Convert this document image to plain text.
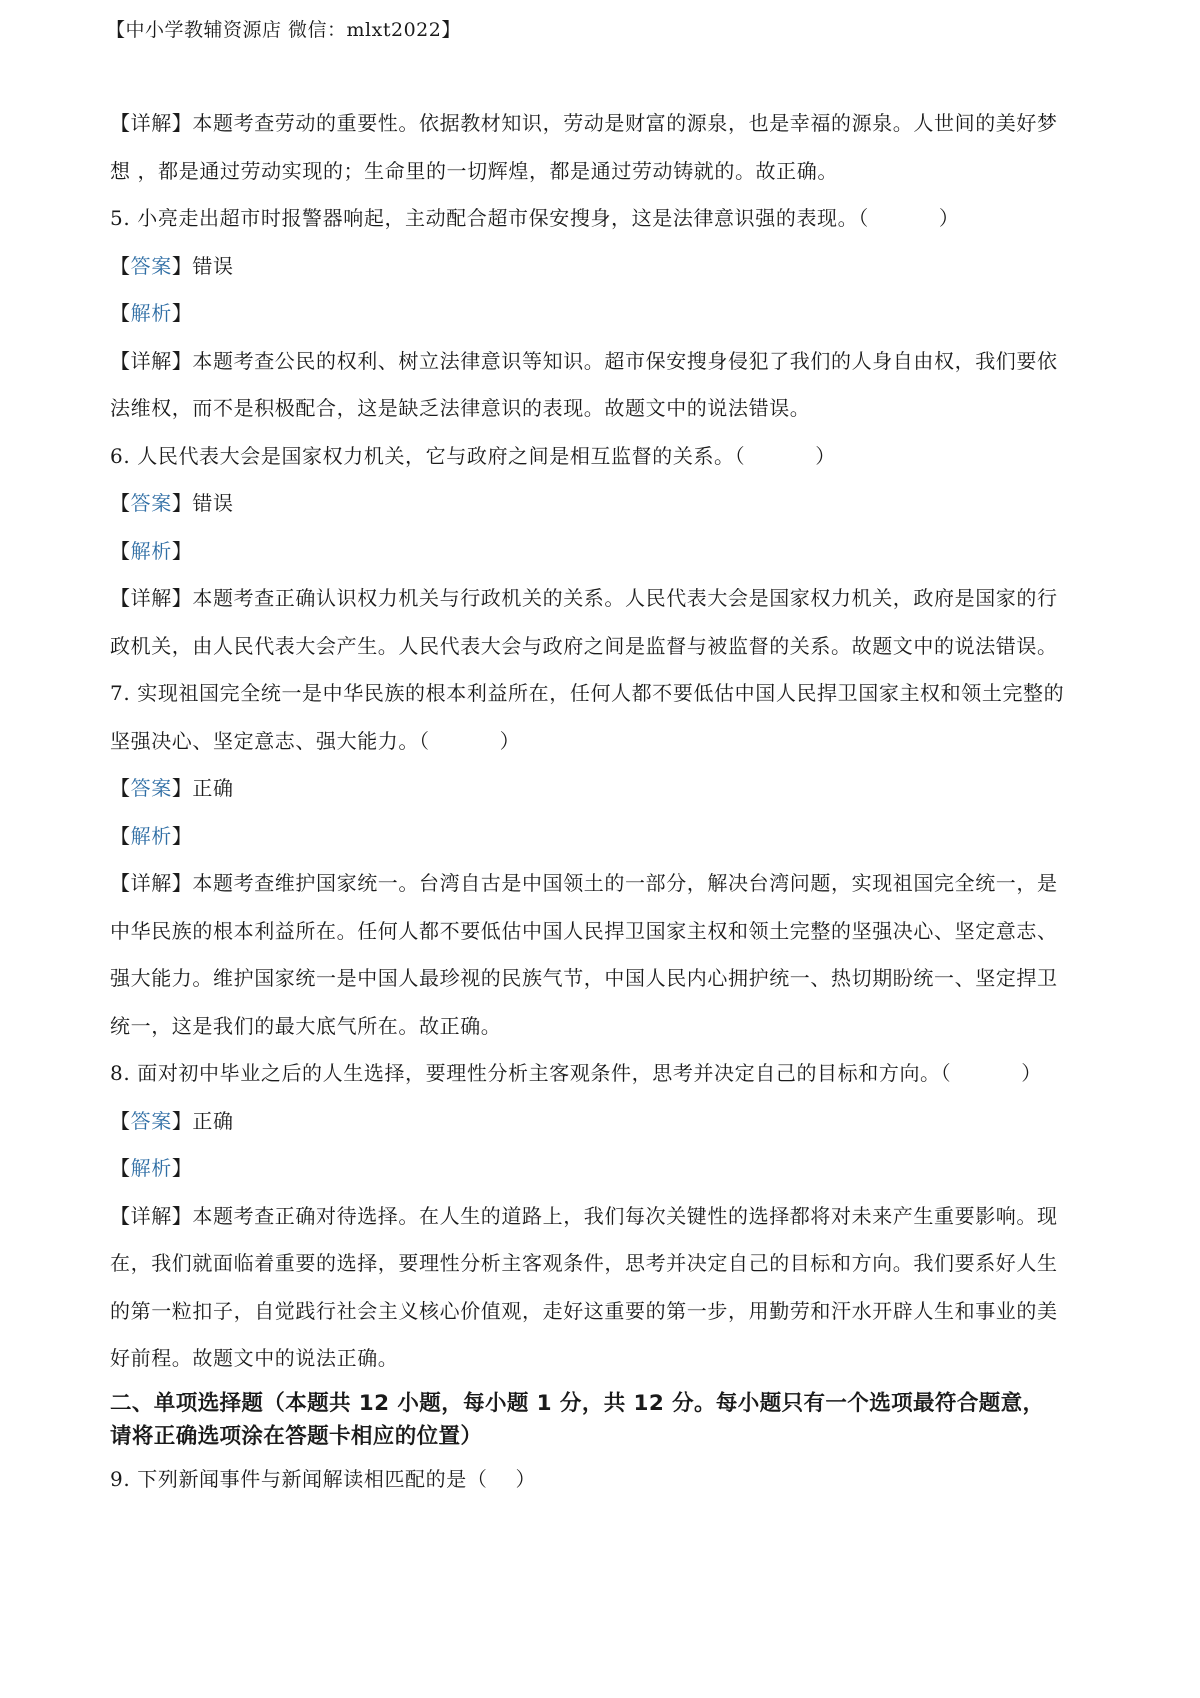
【中小学教辅资源店 微信：mlxt2022】
【详解】本题考查劳动的重要性。依据教材知识，劳动是财富的源泉，也是幸福的源泉。人世间的美好梦
想 ，都是通过劳动实现的；生命里的一切辉煌，都是通过劳动铸就的。故正确。
5. 小亮走出超市时报警器响起，主动配合超市保安搜身，这是法律意识强的表现。（	）
【答案】错误
【解析】
【详解】本题考查公民的权利、树立法律意识等知识。超市保安搜身侵犯了我们的人身自由权，我们要依
法维权，而不是积极配合，这是缺乏法律意识的表现。故题文中的说法错误。
6. 人民代表大会是国家权力机关，它与政府之间是相互监督的关系。（	）
【答案】错误
【解析】
【详解】本题考查正确认识权力机关与行政机关的关系。人民代表大会是国家权力机关，政府是国家的行
政机关，由人民代表大会产生。人民代表大会与政府之间是监督与被监督的关系。故题文中的说法错误。
7. 实现祖国完全统一是中华民族的根本利益所在，任何人都不要低估中国人民捍卫国家主权和领土完整的
坚强决心、坚定意志、强大能力。（	）
【答案】正确
【解析】
【详解】本题考查维护国家统一。台湾自古是中国领土的一部分，解决台湾问题，实现祖国完全统一，是
中华民族的根本利益所在。任何人都不要低估中国人民捍卫国家主权和领土完整的坚强决心、坚定意志、
强大能力。维护国家统一是中国人最珍视的民族气节，中国人民内心拥护统一、热切期盼统一、坚定捍卫
统一，这是我们的最大底气所在。故正确。
8. 面对初中毕业之后的人生选择，要理性分析主客观条件，思考并决定自己的目标和方向。（	）
【答案】正确
【解析】
【详解】本题考查正确对待选择。在人生的道路上，我们每次关键性的选择都将对未来产生重要影响。现
在，我们就面临着重要的选择，要理性分析主客观条件，思考并决定自己的目标和方向。我们要系好人生
的第一粒扣子，自觉践行社会主义核心价值观，走好这重要的第一步，用勤劳和汗水开辟人生和事业的美
好前程。故题文中的说法正确。
二、单项选择题（本题共 12 小题，每小题 1 分，共 12 分。每小题只有一个选项最符合题意，
请将正确选项涂在答题卡相应的位置）
9. 下列新闻事件与新闻解读相匹配的是（ ）
